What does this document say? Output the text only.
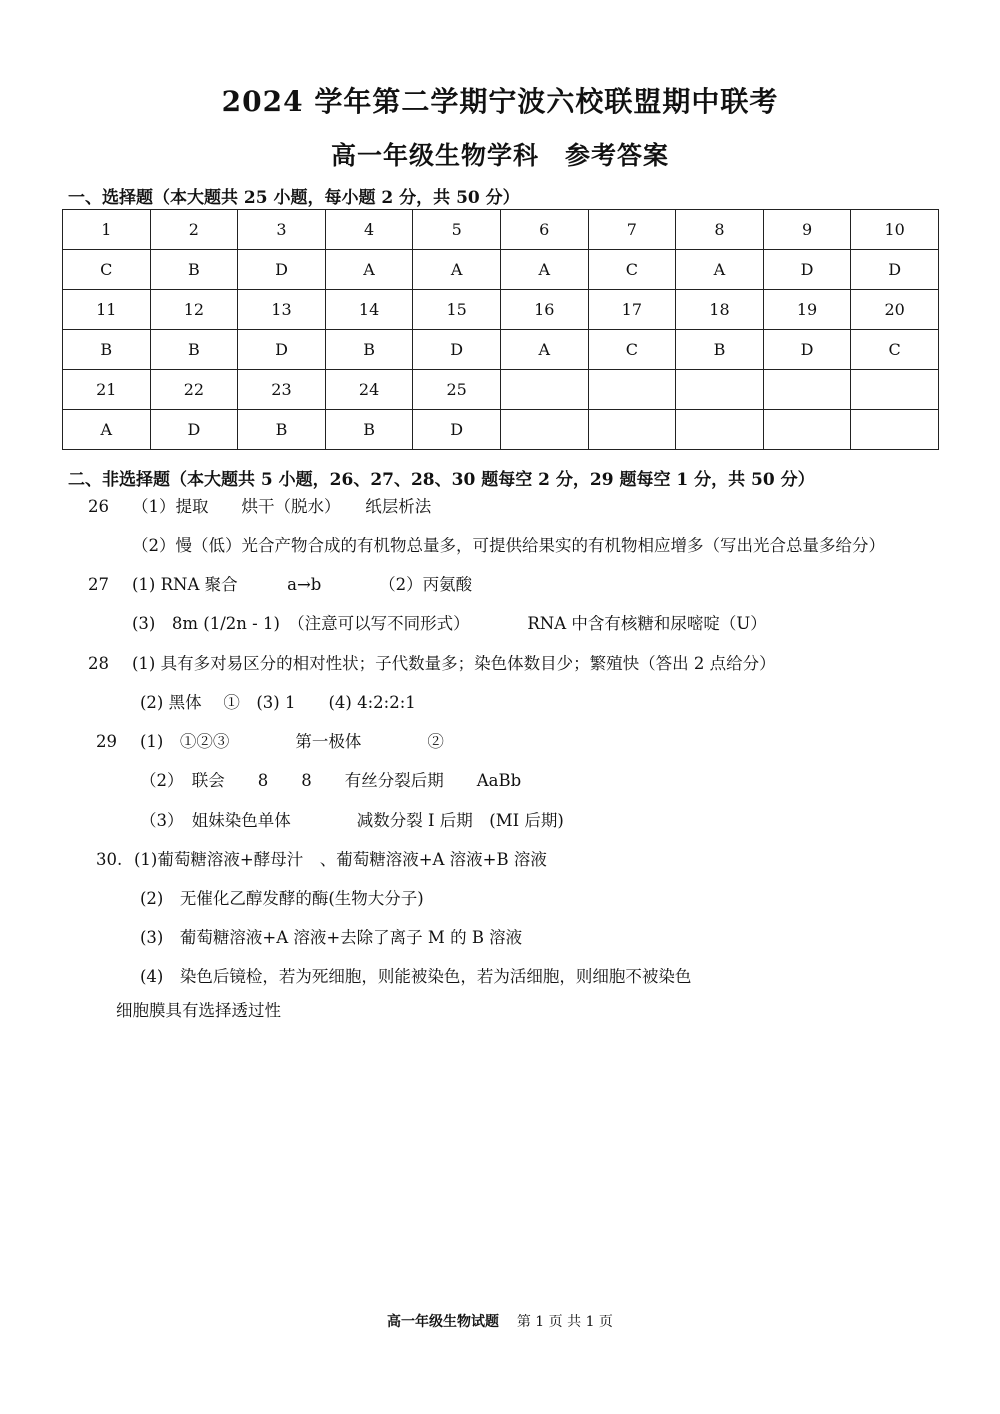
2024 学年第二学期宁波六校联盟期中联考
高一年级生物学科　参考答案
一、选择题（本大题共 25 小题，每小题 2 分，共 50 分）
1	2	3	4	5	6	7	8	9	10
C	B	D	A	A	A	C	A	D	D
11	12	13	14	15	16	17	18	19	20
B	B	D	B	D	A	C	B	D	C
21	22	23	24	25					
A	D	B	B	D					
二、非选择题（本大题共 5 小题，26、27、28、30 题每空 2 分，29 题每空 1 分，共 50 分）
26 （1）提取　　烘干（脱水）　　纸层析法
（2）慢（低）光合产物合成的有机物总量多，可提供给果实的有机物相应增多（写出光合总量多给分）
27 (1) RNA 聚合　　　a→b　　　　（2）丙氨酸
(3)　8m (1/2n - 1)　（注意可以写不同形式）　　　　RNA 中含有核糖和尿嘧啶（U）
28 (1) 具有多对易区分的相对性状；子代数量多；染色体数目少；繁殖快（答出 2 点给分）
(2) 黑体　 ①　(3) 1　　(4) 4:2:2:1
29 (1)　①②③　　　　第一极体　　　　②
（2）　联会　　8　　8　　有丝分裂后期　　AaBb
（3）　姐妹染色单体　　　　减数分裂 Ⅰ 后期　(MⅠ 后期)
30. (1)葡萄糖溶液+酵母汁　、葡萄糖溶液+A 溶液+B 溶液
(2)　无催化乙醇发酵的酶(生物大分子)
(3)　葡萄糖溶液+A 溶液+去除了离子 M 的 B 溶液
(4)　染色后镜检，若为死细胞，则能被染色，若为活细胞，则细胞不被染色
细胞膜具有选择透过性
高一年级生物试题 第 1 页 共 1 页
